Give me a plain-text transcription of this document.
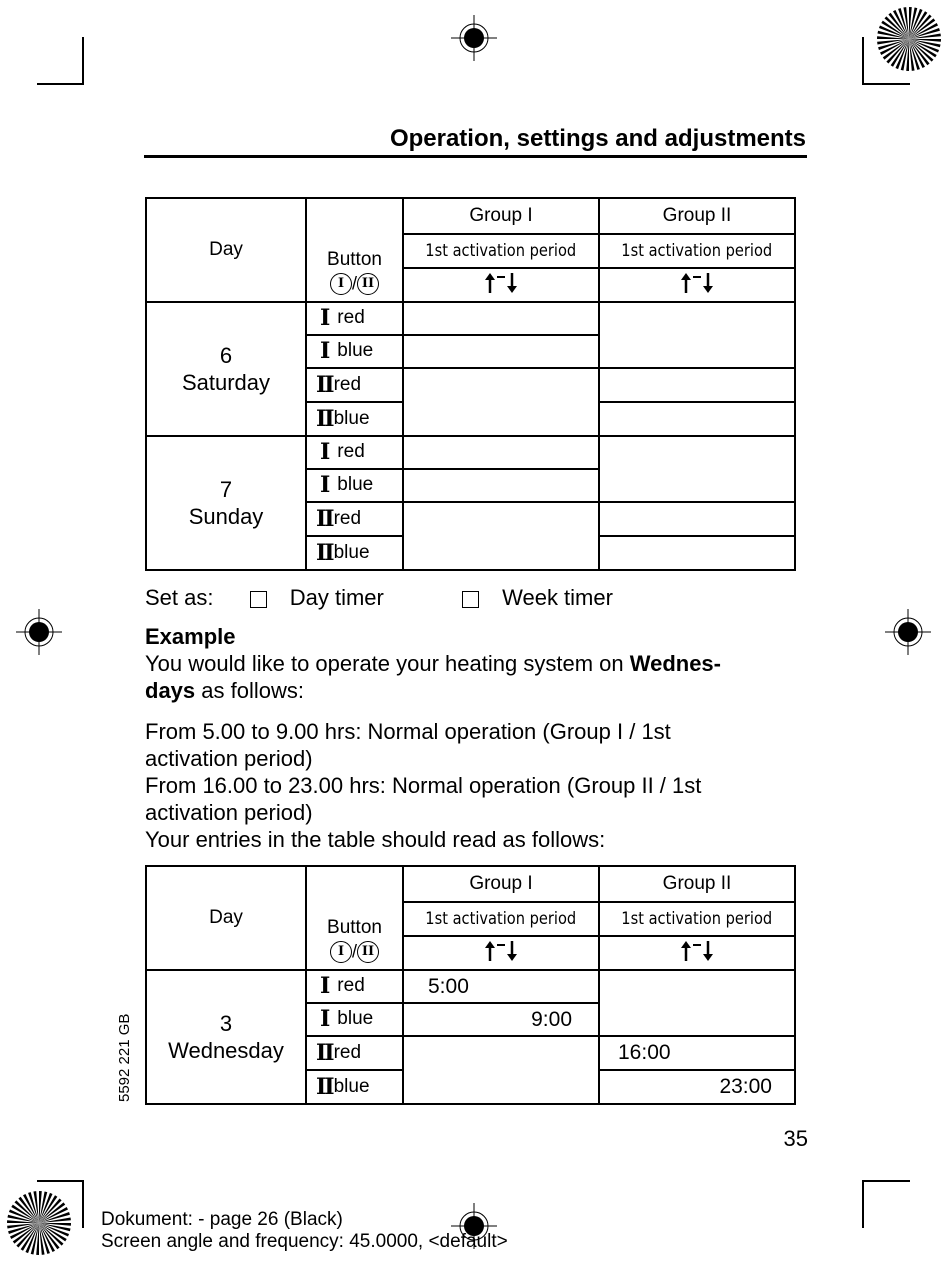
Operation, settings and adjustments
Day	Button
I / II	Group I	Group II
		1st activation period	1st activation period

6
Saturday	I red		
	I blue		
	IIred		
	IIblue		

7
Sunday	I red		
	I blue		
	IIred		
	IIblue		
Set as:	Day timer	Week timer
Example
You would like to operate your heating system on Wednes-
days as follows:
From 5.00 to 9.00 hrs: Normal operation (Group I / 1st
activation period)
From 16.00 to 23.00 hrs: Normal operation (Group II / 1st
activation period)
Your entries in the table should read as follows:
Day	Button
I / II	Group I	Group II
		1st activation period	1st activation period

3
Wednesday	I red	5:00	
	I blue	9:00	
	IIred		16:00
	IIblue		23:00
5592 221 GB
35
Dokument: - page 26 (Black)
Screen angle and frequency: 45.0000, <default>
